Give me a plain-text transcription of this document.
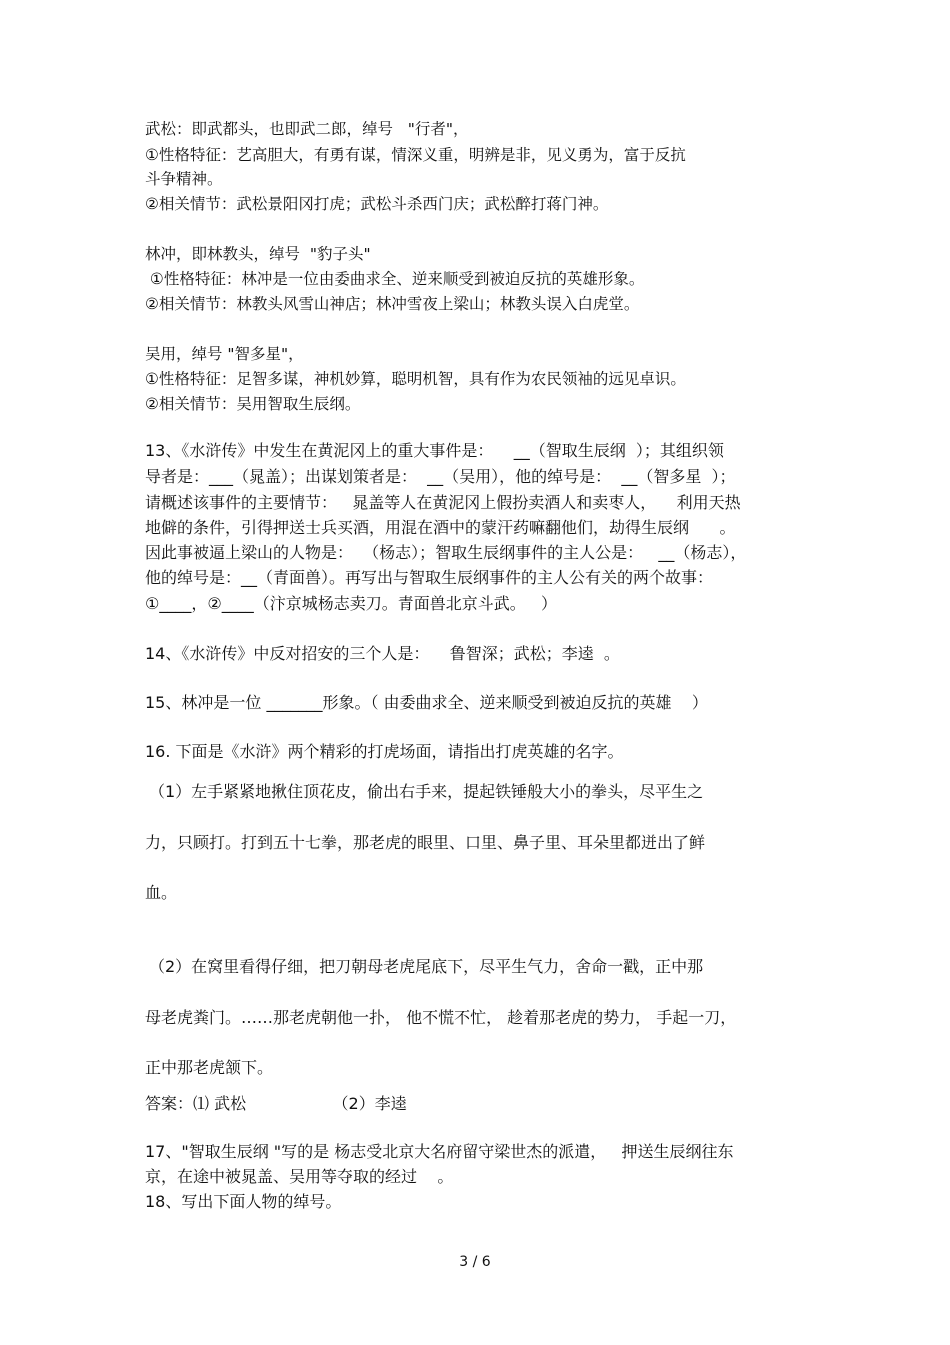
武松：即武都头，也即武二郎，绰号   "行者"，
①性格特征：艺高胆大，有勇有谋，情深义重，明辨是非，见义勇为，富于反抗
斗争精神。
②相关情节：武松景阳冈打虎；武松斗杀西门庆；武松醉打蒋门神。
林冲，即林教头，绰号  "豹子头"
①性格特征：林冲是一位由委曲求全、逆来顺受到被迫反抗的英雄形象。
②相关情节：林教头风雪山神店；林冲雪夜上梁山；林教头误入白虎堂。
吴用，绰号 "智多星"，
①性格特征：足智多谋，神机妙算，聪明机智，具有作为农民领袖的远见卓识。
②相关情节：吴用智取生辰纲。
13、《水浒传》中发生在黄泥冈上的重大事件是：    __（智取生辰纲  ）；其组织领
导者是：___（晁盖）；出谋划策者是：  __（吴用），他的绰号是：  __（智多星  ）；
请概述该事件的主要情节：   晁盖等人在黄泥冈上假扮卖酒人和卖枣人，    利用天热
地僻的条件，引得押送士兵买酒，用混在酒中的蒙汗药嘛翻他们，劫得生辰纲      。
因此事被逼上梁山的人物是：  （杨志）；智取生辰纲事件的主人公是：   __（杨志），
他的绰号是：__（青面兽）。再写出与智取生辰纲事件的主人公有关的两个故事：
①____，②____（汴京城杨志卖刀。青面兽北京斗武。   ）
14、《水浒传》中反对招安的三个人是：    鲁智深；武松；李逵  。
15、林冲是一位 _______形象。（ 由委曲求全、逆来顺受到被迫反抗的英雄    ）
16. 下面是《水浒》两个精彩的打虎场面，请指出打虎英雄的名字。
（1）左手紧紧地揪住顶花皮，偷出右手来，提起铁锤般大小的拳头，尽平生之
力，只顾打。打到五十七拳，那老虎的眼里、口里、鼻子里、耳朵里都迸出了鲜
血。
（2）在窝里看得仔细，把刀朝母老虎尾底下，尽平生气力，舍命一戳，正中那
母老虎粪门。……那老虎朝他一扑， 他不慌不忙， 趁着那老虎的势力， 手起一刀，
正中那老虎颔下。
答案：⑴ 武松                 （2）李逵
17、"智取生辰纲 "写的是 杨志受北京大名府留守梁世杰的派遣，   押送生辰纲往东
京，在途中被晁盖、吴用等夺取的经过    。
18、写出下面人物的绰号。
3 / 6
